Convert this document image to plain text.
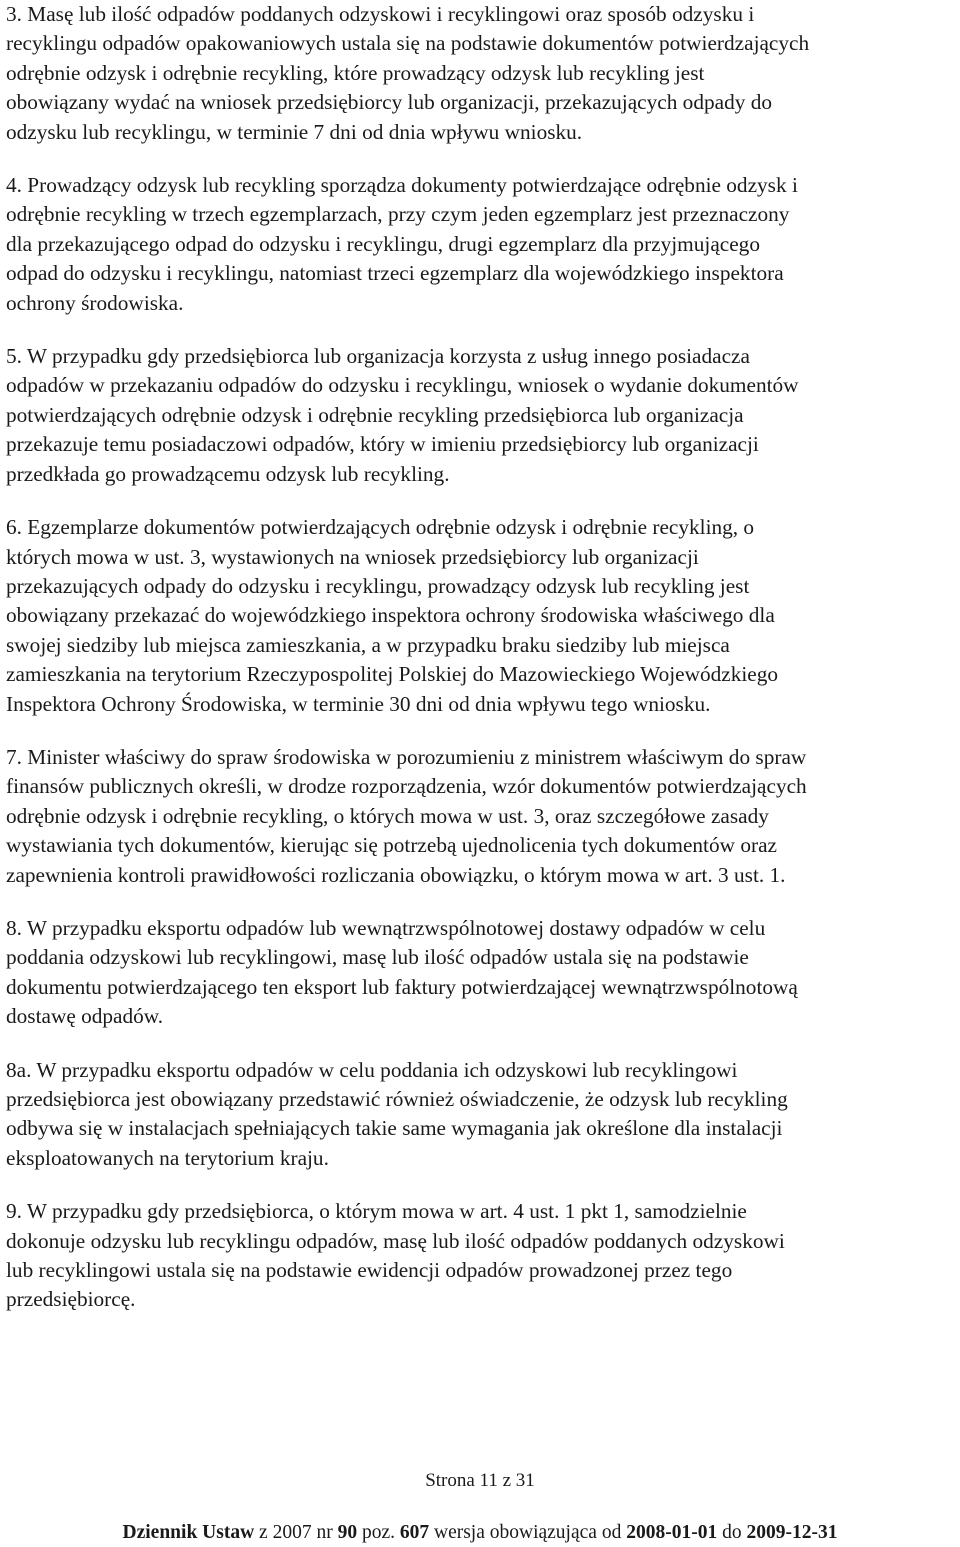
3. Masę lub ilość odpadów poddanych odzyskowi i recyklingowi oraz sposób odzysku i
recyklingu odpadów opakowaniowych ustala się na podstawie dokumentów potwierdzających
odrębnie odzysk i odrębnie recykling, które prowadzący odzysk lub recykling jest
obowiązany wydać na wniosek przedsiębiorcy lub organizacji, przekazujących odpady do
odzysku lub recyklingu, w terminie 7 dni od dnia wpływu wniosku.

4. Prowadzący odzysk lub recykling sporządza dokumenty potwierdzające odrębnie odzysk i
odrębnie recykling w trzech egzemplarzach, przy czym jeden egzemplarz jest przeznaczony
dla przekazującego odpad do odzysku i recyklingu, drugi egzemplarz dla przyjmującego
odpad do odzysku i recyklingu, natomiast trzeci egzemplarz dla wojewódzkiego inspektora
ochrony środowiska.

5. W przypadku gdy przedsiębiorca lub organizacja korzysta z usług innego posiadacza
odpadów w przekazaniu odpadów do odzysku i recyklingu, wniosek o wydanie dokumentów
potwierdzających odrębnie odzysk i odrębnie recykling przedsiębiorca lub organizacja
przekazuje temu posiadaczowi odpadów, który w imieniu przedsiębiorcy lub organizacji
przedkłada go prowadzącemu odzysk lub recykling.

6. Egzemplarze dokumentów potwierdzających odrębnie odzysk i odrębnie recykling, o
których mowa w ust. 3, wystawionych na wniosek przedsiębiorcy lub organizacji
przekazujących odpady do odzysku i recyklingu, prowadzący odzysk lub recykling jest
obowiązany przekazać do wojewódzkiego inspektora ochrony środowiska właściwego dla
swojej siedziby lub miejsca zamieszkania, a w przypadku braku siedziby lub miejsca
zamieszkania na terytorium Rzeczypospolitej Polskiej do Mazowieckiego Wojewódzkiego
Inspektora Ochrony Środowiska, w terminie 30 dni od dnia wpływu tego wniosku.

7. Minister właściwy do spraw środowiska w porozumieniu z ministrem właściwym do spraw
finansów publicznych określi, w drodze rozporządzenia, wzór dokumentów potwierdzających
odrębnie odzysk i odrębnie recykling, o których mowa w ust. 3, oraz szczegółowe zasady
wystawiania tych dokumentów, kierując się potrzebą ujednolicenia tych dokumentów oraz
zapewnienia kontroli prawidłowości rozliczania obowiązku, o którym mowa w art. 3 ust. 1.

8. W przypadku eksportu odpadów lub wewnątrzwspólnotowej dostawy odpadów w celu
poddania odzyskowi lub recyklingowi, masę lub ilość odpadów ustala się na podstawie
dokumentu potwierdzającego ten eksport lub faktury potwierdzającej wewnątrzwspólnotową
dostawę odpadów.

8a. W przypadku eksportu odpadów w celu poddania ich odzyskowi lub recyklingowi
przedsiębiorca jest obowiązany przedstawić również oświadczenie, że odzysk lub recykling
odbywa się w instalacjach spełniających takie same wymagania jak określone dla instalacji
eksploatowanych na terytorium kraju.

9. W przypadku gdy przedsiębiorca, o którym mowa w art. 4 ust. 1 pkt 1, samodzielnie
dokonuje odzysku lub recyklingu odpadów, masę lub ilość odpadów poddanych odzyskowi
lub recyklingowi ustala się na podstawie ewidencji odpadów prowadzonej przez tego
przedsiębiorcę.

Strona 11 z 31
Dziennik Ustaw z 2007 nr 90 poz. 607 wersja obowiązująca od 2008-01-01 do 2009-12-31
